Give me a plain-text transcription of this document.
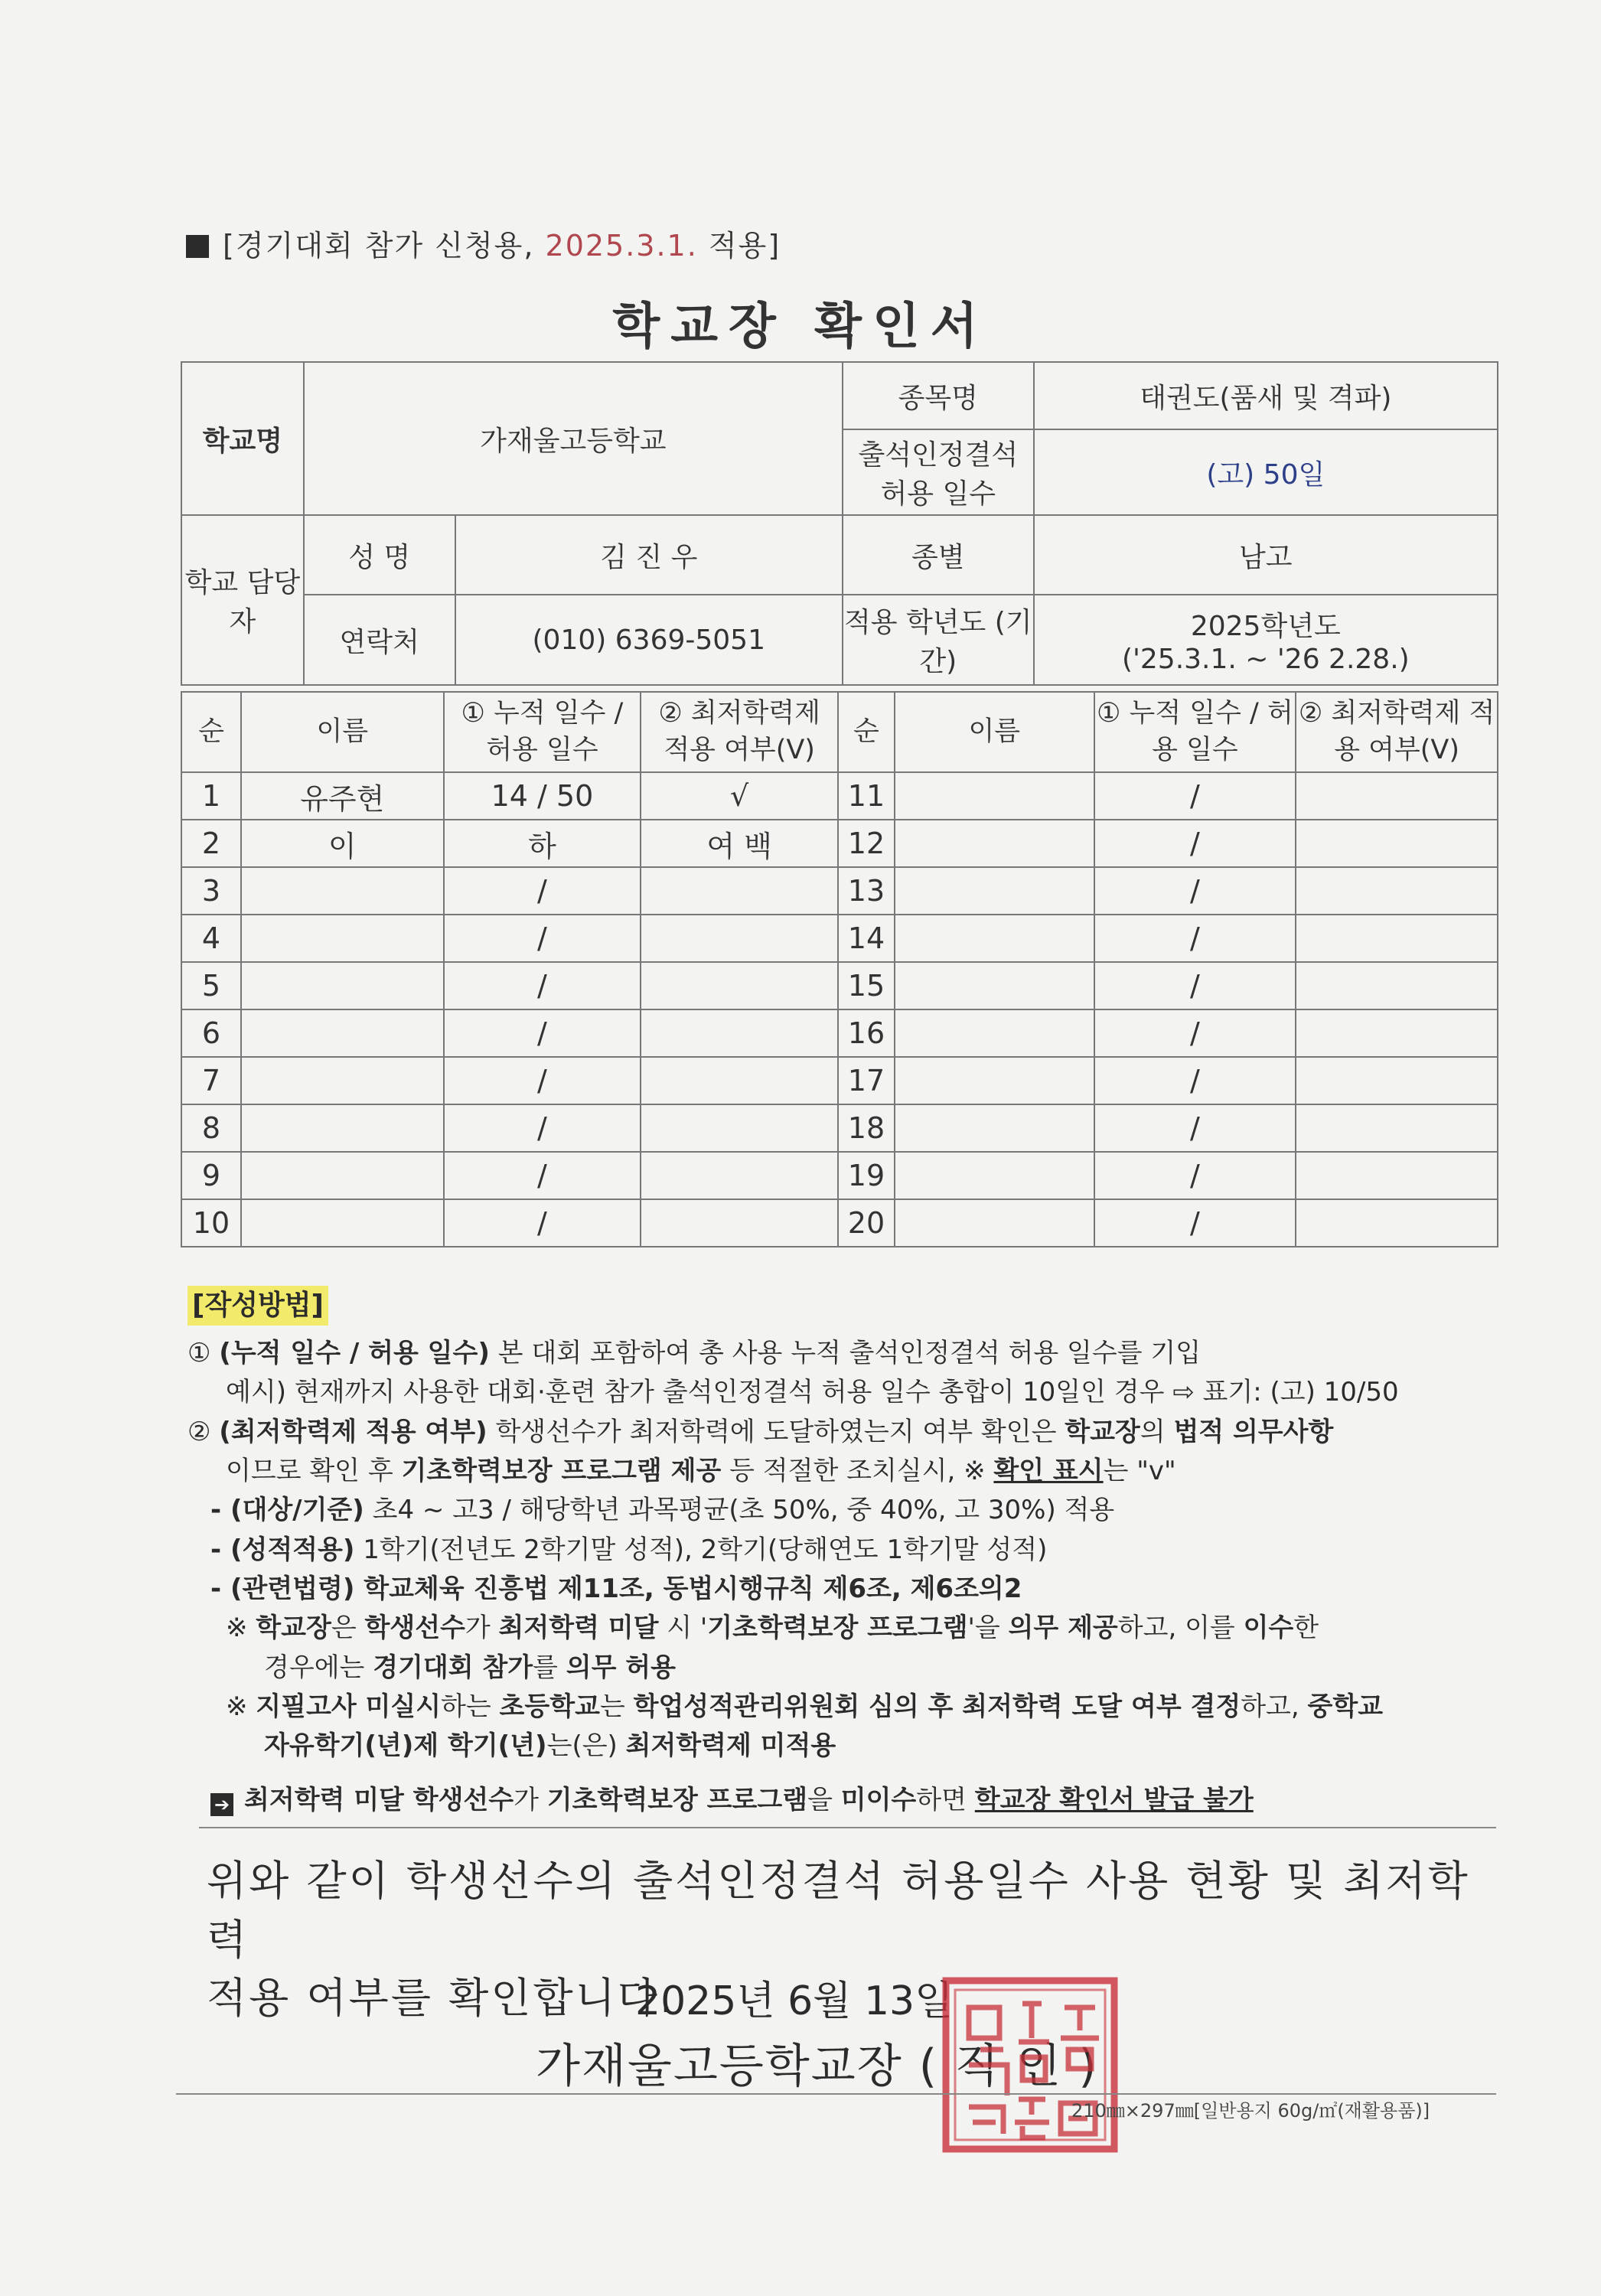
[경기대회 참가 신청용, 2025.3.1. 적용]
학교장 확인서
학교명	가재울고등학교		종목명	태권도(품새 및 격파)
			출석인정결석 허용 일수	(고) 50일
학교 담당자	성 명	김 진 우	종별	남고
	연락처	(010) 6369-5051	적용 학년도 (기간)	2025학년도
('25.3.1. ~ '26 2.28.)
순	이름	① 누적 일수 / 허용 일수	② 최저학력제 적용 여부(V)	순	이름	① 누적 일수 / 허용 일수	② 최저학력제 적용 여부(V)
1	유주현	14 / 50	√	11		/	
2	이	하	여 백	12		/	
3		/		13		/	
4		/		14		/	
5		/		15		/	
6		/		16		/	
7		/		17		/	
8		/		18		/	
9		/		19		/	
10		/		20		/	
[작성방법]

① (누적 일수 / 허용 일수) 본 대회 포함하여 총 사용 누적 출석인정결석 허용 일수를 기입

예시) 현재까지 사용한 대회·훈련 참가 출석인정결석 허용 일수 총합이 10일인 경우 ⇨ 표기: (고) 10/50

② (최저학력제 적용 여부) 학생선수가 최저학력에 도달하였는지 여부 확인은 학교장의 법적 의무사항

이므로 확인 후 기초학력보장 프로그램 제공 등 적절한 조치실시, ※ 확인 표시는 "v"

- (대상/기준) 초4 ~ 고3 / 해당학년 과목평균(초 50%, 중 40%, 고 30%) 적용

- (성적적용) 1학기(전년도 2학기말 성적), 2학기(당해연도 1학기말 성적)

- (관련법령) 학교체육 진흥법 제11조, 동법시행규칙 제6조, 제6조의2

※ 학교장은 학생선수가 최저학력 미달 시 '기초학력보장 프로그램'을 의무 제공하고, 이를 이수한

경우에는 경기대회 참가를 의무 허용

※ 지필고사 미실시하는 초등학교는 학업성적관리위원회 심의 후 최저학력 도달 여부 결정하고, 중학교

자유학기(년)제 학기(년)는(은) 최저학력제 미적용

➔ 최저학력 미달 학생선수가 기초학력보장 프로그램을 미이수하면 학교장 확인서 발급 불가

위와 같이 학생선수의 출석인정결석 허용일수 사용 현황 및 최저학력
적용 여부를 확인합니다.
2025년 6월 13일
가재울고등학교장 ( 직 인 )
210㎜×297㎜[일반용지 60g/㎡(재활용품)]
